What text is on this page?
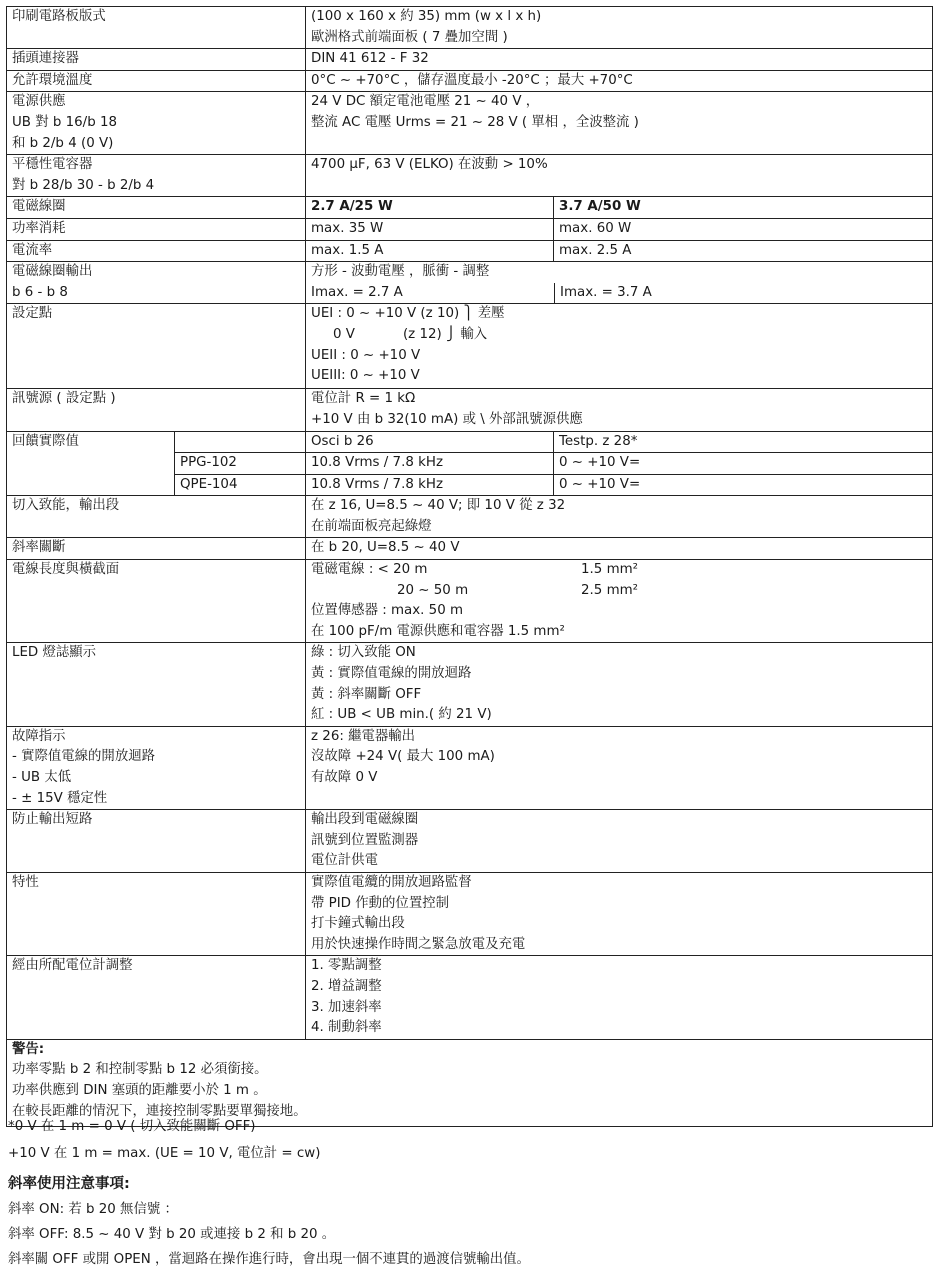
印刷電路板版式		(100 x 160 x 約 35) mm (w x l x h)
歐洲格式前端面板 ( 7 疊加空間 )	

插頭連接器		DIN 41 612 - F 32	
允許環境溫度		0°C ~ +70°C ，儲存溫度最小 -20°C ；最大 +70°C	

電源供應
UB 對 b 16/b 18
和 b 2/b 4 (0 V)		24 V DC 額定電池電壓 21 ~ 40 V ，
整流 AC 電壓 Urms = 21 ~ 28 V ( 單相 ，全波整流 )	

平穩性電容器
對 b 28/b 30 - b 2/b 4		4700 µF, 63 V (ELKO) 在波動 > 10%	
電磁線圈		2.7 A/25 W	3.7 A/50 W
功率消耗		max. 35 W	max. 60 W
電流率		max. 1.5 A	max. 2.5 A

電磁線圈輸出
b 6 - b 8		方形 - 波動電壓 ，脈衝 - 調整
Imax. = 2.7 A Imax. = 3.7 A	

設定點		UEI : 0 ~ +10 V (z 10) ⎫ 差壓
0 V (z 12) ⎭ 輸入
UEII : 0 ~ +10 V
UEIII: 0 ~ +10 V	

訊號源 ( 設定點 )		電位計 R = 1 kΩ
+10 V 由 b 32(10 mA) 或 \ 外部訊號源供應	

回饋實際值		Osci b 26	Testp. z 28*
	PPG-102	10.8 Vrms / 7.8 kHz	0 ~ +10 V=
	QPE-104	10.8 Vrms / 7.8 kHz	0 ~ +10 V=
切入致能，輸出段		在 z 16, U=8.5 ~ 40 V; 即 10 V 從 z 32
在前端面板亮起綠燈	

斜率關斷		在 b 20, U=8.5 ~ 40 V	
電線長度與橫截面		電磁電線 : < 20 m 1.5 mm²
20 ~ 50 m 2.5 mm²
位置傳感器 : max. 50 m
在 100 pF/m 電源供應和電容器 1.5 mm²	

LED 燈誌顯示		綠 : 切入致能 ON
黃 : 實際值電線的開放迴路
黃 : 斜率關斷 OFF
紅 : UB < UB min.( 約 21 V)	

故障指示
- 實際值電線的開放迴路
- UB 太低
- ± 15V 穩定性		z 26: 繼電器輸出
沒故障 +24 V( 最大 100 mA)
有故障 0 V	

防止輸出短路		輸出段到電磁線圈
訊號到位置監測器
電位計供電	

特性		實際值電纜的開放迴路監督
帶 PID 作動的位置控制
打卡鐘式輸出段
用於快速操作時間之緊急放電及充電	

經由所配電位計調整		1. 零點調整
2. 增益調整
3. 加速斜率
4. 制動斜率	

警告:
功率零點 b 2 和控制零點 b 12 必須銜接。
功率供應到 DIN 塞頭的距離要小於 1 m 。
在較長距離的情況下，連接控制零點要單獨接地。			
*0 V 在 1 m = 0 V ( 切入致能關斷 OFF)
+10 V 在 1 m = max. (UE = 10 V, 電位計 = cw)
斜率使用注意事項:
斜率 ON: 若 b 20 無信號 ：
斜率 OFF: 8.5 ~ 40 V 對 b 20 或連接 b 2 和 b 20 。
斜率關 OFF 或開 OPEN ，當迴路在操作進行時，會出現一個不連貫的過渡信號輸出值。
